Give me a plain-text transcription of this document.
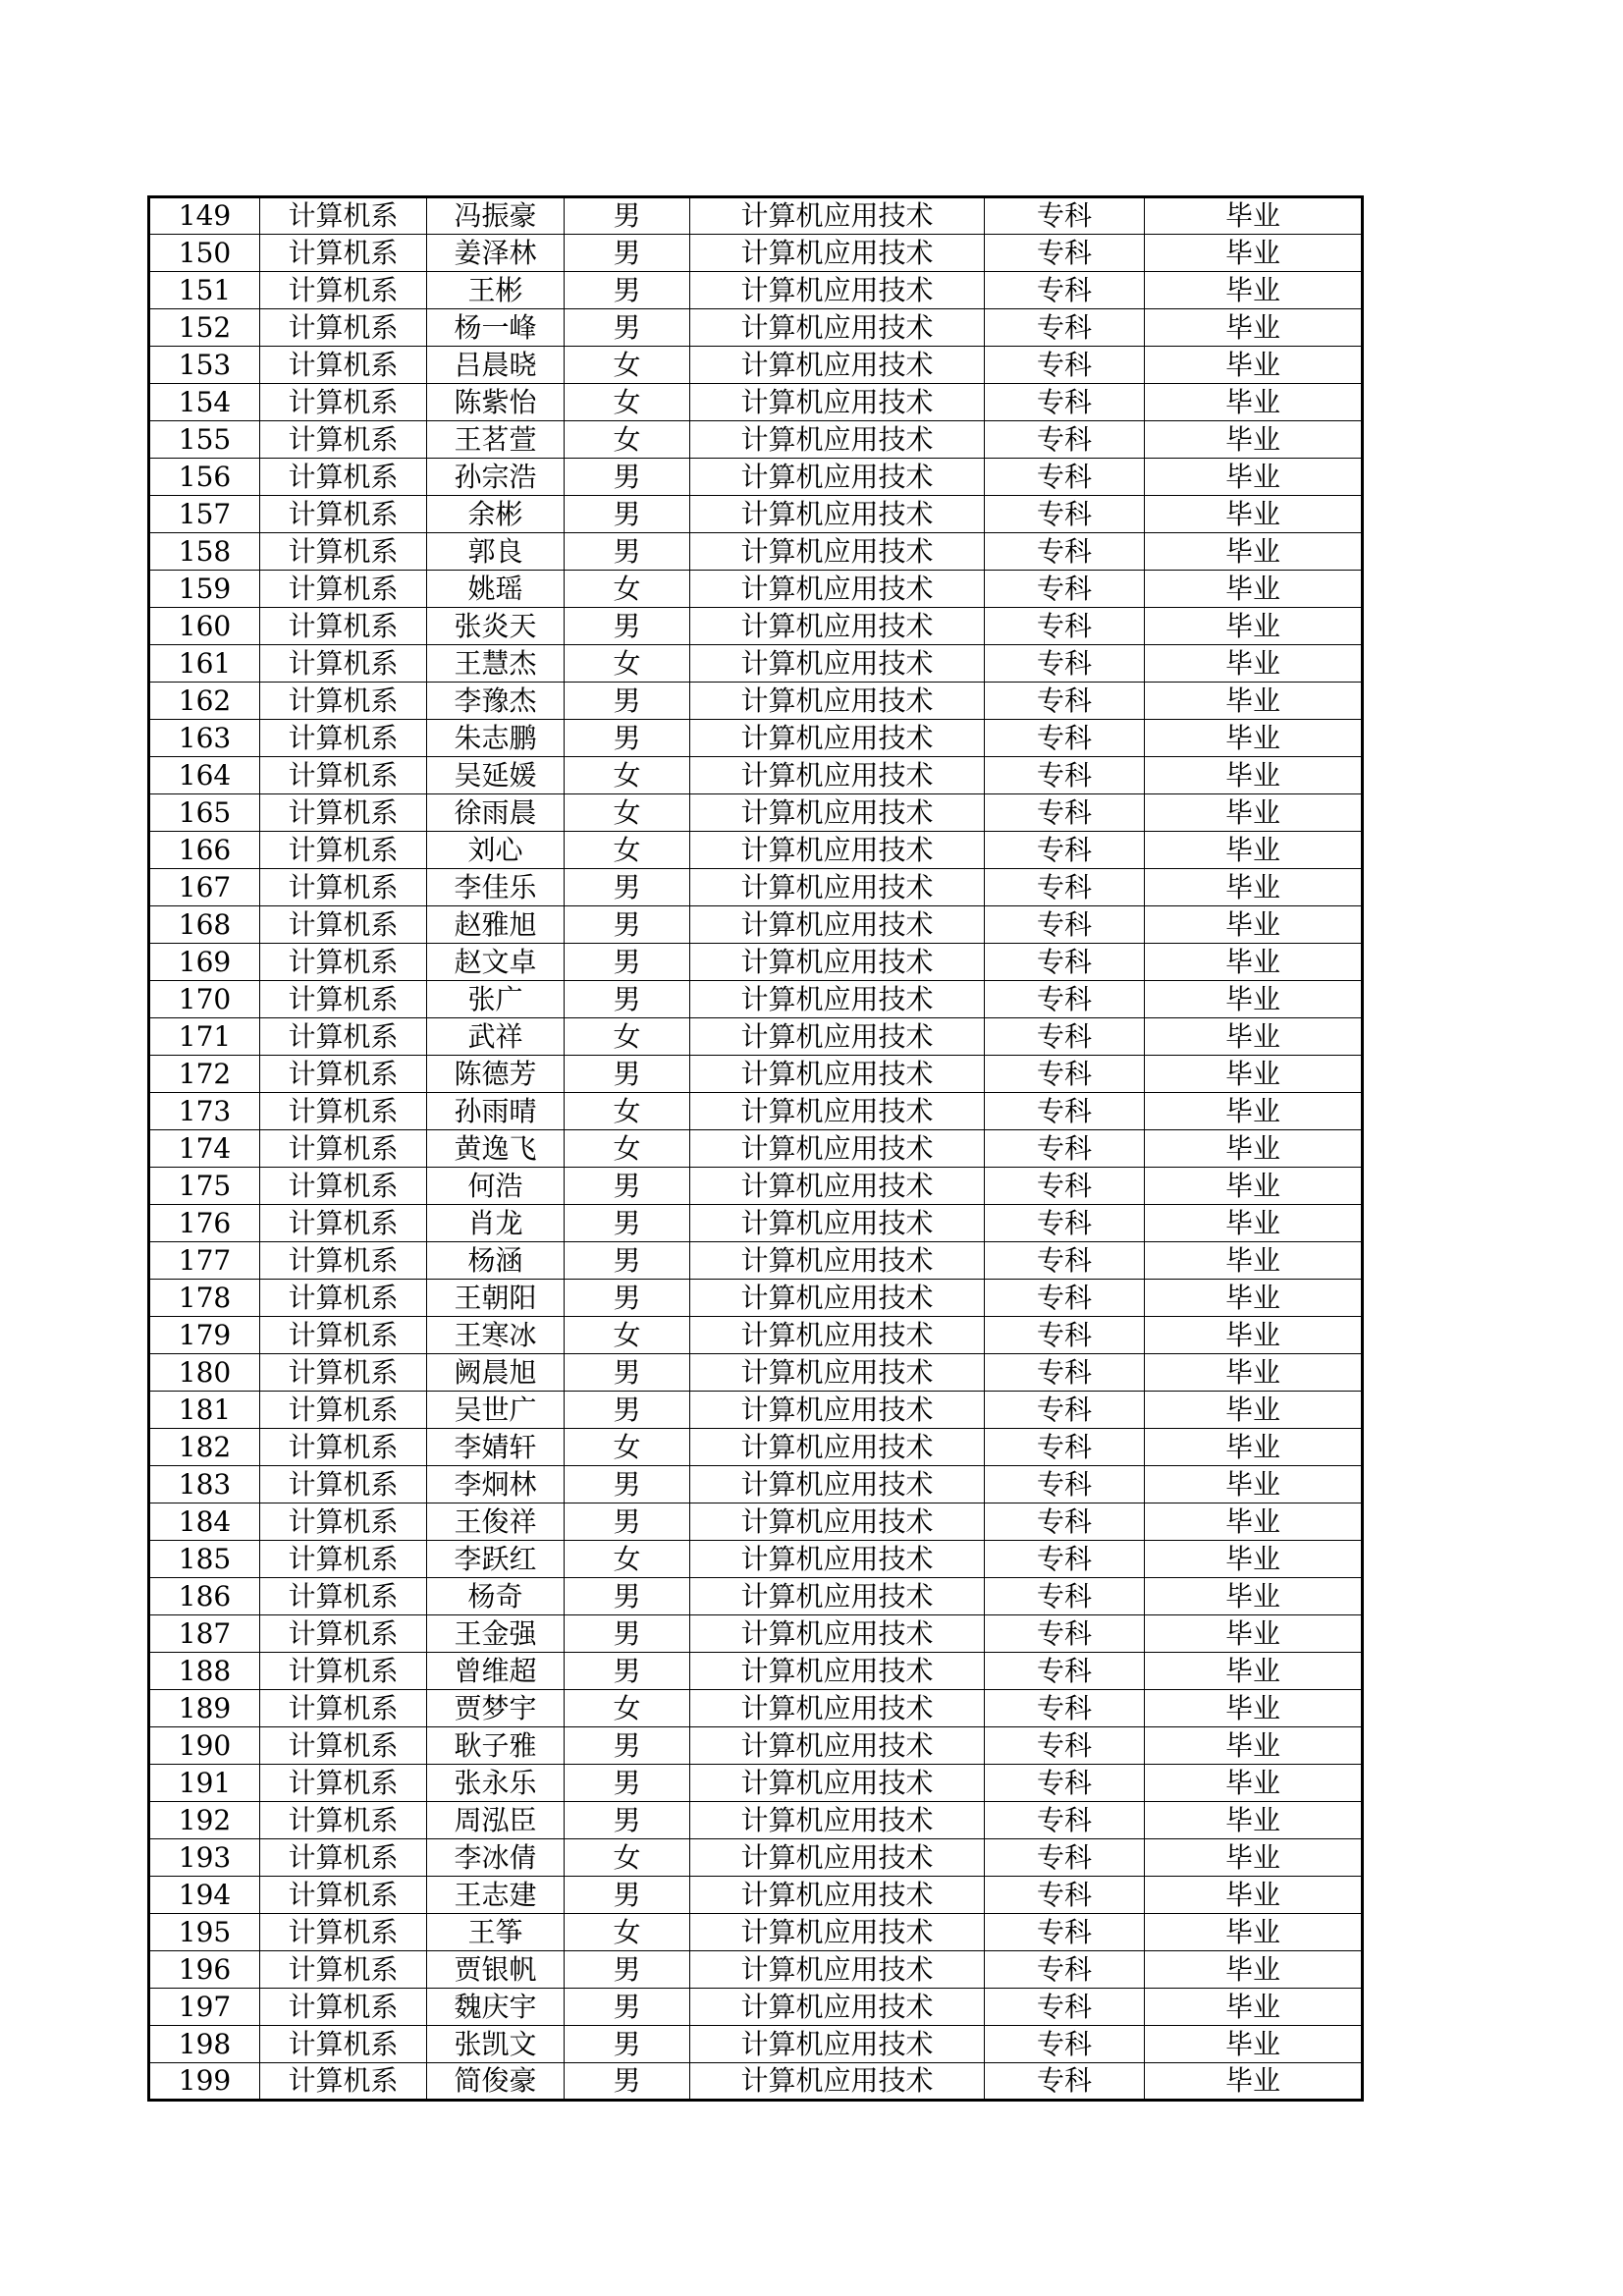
149	计算机系	冯振豪	男	计算机应用技术	专科	毕业
150	计算机系	姜泽林	男	计算机应用技术	专科	毕业
151	计算机系	王彬	男	计算机应用技术	专科	毕业
152	计算机系	杨一峰	男	计算机应用技术	专科	毕业
153	计算机系	吕晨晓	女	计算机应用技术	专科	毕业
154	计算机系	陈紫怡	女	计算机应用技术	专科	毕业
155	计算机系	王茗萱	女	计算机应用技术	专科	毕业
156	计算机系	孙宗浩	男	计算机应用技术	专科	毕业
157	计算机系	余彬	男	计算机应用技术	专科	毕业
158	计算机系	郭良	男	计算机应用技术	专科	毕业
159	计算机系	姚瑶	女	计算机应用技术	专科	毕业
160	计算机系	张炎天	男	计算机应用技术	专科	毕业
161	计算机系	王慧杰	女	计算机应用技术	专科	毕业
162	计算机系	李豫杰	男	计算机应用技术	专科	毕业
163	计算机系	朱志鹏	男	计算机应用技术	专科	毕业
164	计算机系	吴延媛	女	计算机应用技术	专科	毕业
165	计算机系	徐雨晨	女	计算机应用技术	专科	毕业
166	计算机系	刘心	女	计算机应用技术	专科	毕业
167	计算机系	李佳乐	男	计算机应用技术	专科	毕业
168	计算机系	赵雅旭	男	计算机应用技术	专科	毕业
169	计算机系	赵文卓	男	计算机应用技术	专科	毕业
170	计算机系	张广	男	计算机应用技术	专科	毕业
171	计算机系	武祥	女	计算机应用技术	专科	毕业
172	计算机系	陈德芳	男	计算机应用技术	专科	毕业
173	计算机系	孙雨晴	女	计算机应用技术	专科	毕业
174	计算机系	黄逸飞	女	计算机应用技术	专科	毕业
175	计算机系	何浩	男	计算机应用技术	专科	毕业
176	计算机系	肖龙	男	计算机应用技术	专科	毕业
177	计算机系	杨涵	男	计算机应用技术	专科	毕业
178	计算机系	王朝阳	男	计算机应用技术	专科	毕业
179	计算机系	王寒冰	女	计算机应用技术	专科	毕业
180	计算机系	阙晨旭	男	计算机应用技术	专科	毕业
181	计算机系	吴世广	男	计算机应用技术	专科	毕业
182	计算机系	李婧轩	女	计算机应用技术	专科	毕业
183	计算机系	李炯林	男	计算机应用技术	专科	毕业
184	计算机系	王俊祥	男	计算机应用技术	专科	毕业
185	计算机系	李跃红	女	计算机应用技术	专科	毕业
186	计算机系	杨奇	男	计算机应用技术	专科	毕业
187	计算机系	王金强	男	计算机应用技术	专科	毕业
188	计算机系	曾维超	男	计算机应用技术	专科	毕业
189	计算机系	贾梦宇	女	计算机应用技术	专科	毕业
190	计算机系	耿子雅	男	计算机应用技术	专科	毕业
191	计算机系	张永乐	男	计算机应用技术	专科	毕业
192	计算机系	周泓臣	男	计算机应用技术	专科	毕业
193	计算机系	李冰倩	女	计算机应用技术	专科	毕业
194	计算机系	王志建	男	计算机应用技术	专科	毕业
195	计算机系	王筝	女	计算机应用技术	专科	毕业
196	计算机系	贾银帆	男	计算机应用技术	专科	毕业
197	计算机系	魏庆宇	男	计算机应用技术	专科	毕业
198	计算机系	张凯文	男	计算机应用技术	专科	毕业
199	计算机系	简俊豪	男	计算机应用技术	专科	毕业
